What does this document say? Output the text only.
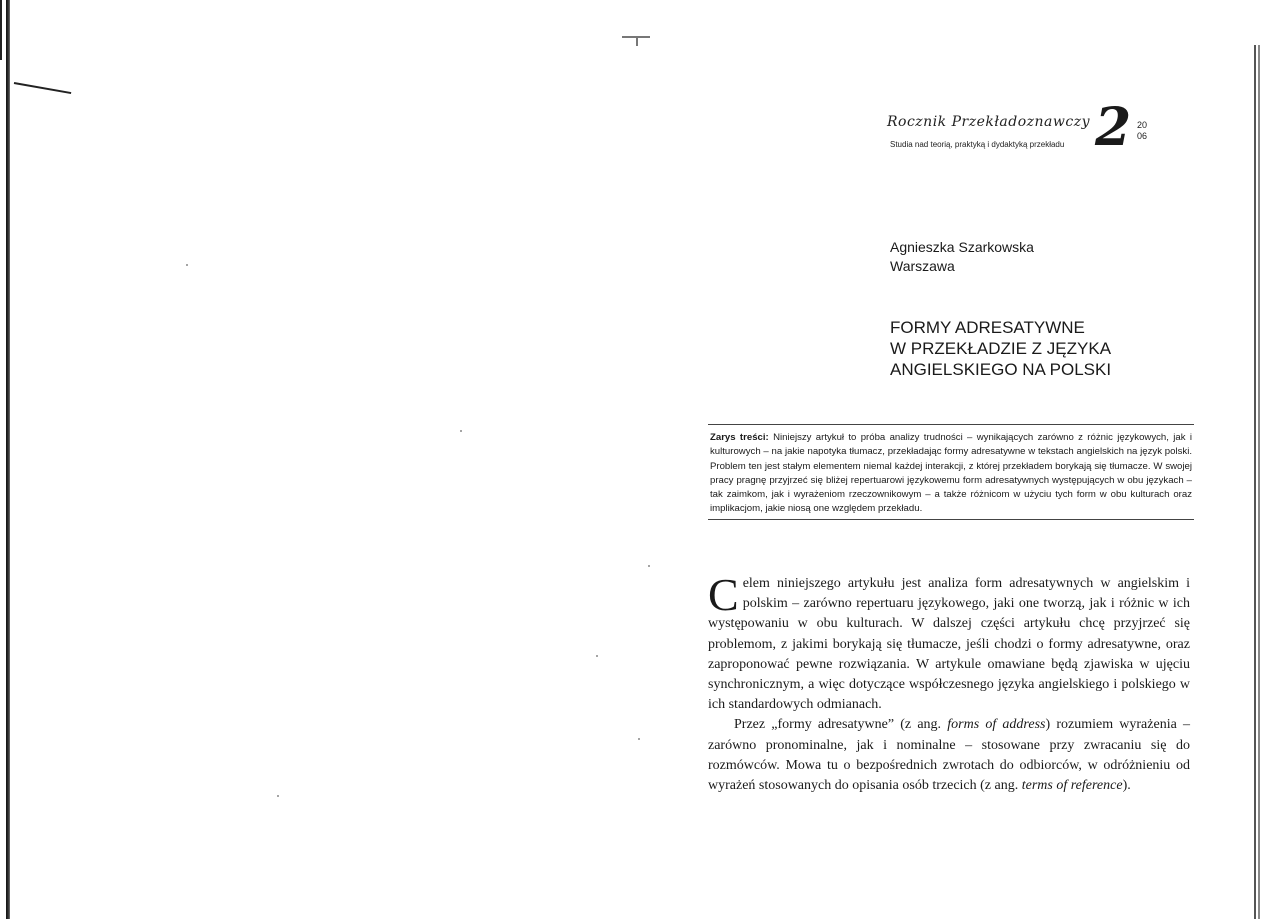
Rocznik Przekładoznawczy
Studia nad teorią, praktyką i dydaktyką przekładu 2 2006
Agnieszka Szarkowska
Warszawa
FORMY ADRESATYWNE
W PRZEKŁADZIE Z JĘZYKA
ANGIELSKIEGO NA POLSKI
Zarys treści: Niniejszy artykuł to próba analizy trudności – wynikających zarówno z różnic językowych, jak i kulturowych – na jakie napotyka tłumacz, przekładając formy adresatywne w tekstach angielskich na język polski. Problem ten jest stałym elementem niemal każdej interakcji, z której przekładem borykają się tłumacze. W swojej pracy pragnę przyjrzeć się bliżej repertuarowi językowemu form adresatywnych występujących w obu językach – tak zaimkom, jak i wyrażeniom rzeczownikowym – a także różnicom w użyciu tych form w obu kulturach oraz implikacjom, jakie niosą one względem przekładu.

Celem niniejszego artykułu jest analiza form adresatywnych w angielskim i polskim – zarówno repertuaru językowego, jaki one tworzą, jak i różnic w ich występowaniu w obu kulturach. W dalszej części artykułu chcę przyjrzeć się problemom, z jakimi borykają się tłumacze, jeśli chodzi o formy adresatywne, oraz zaproponować pewne rozwiązania. W artykule omawiane będą zjawiska w ujęciu synchronicznym, a więc dotyczące współczesnego języka angielskiego i polskiego w ich standardowych odmianach.

Przez „formy adresatywne” (z ang. forms of address) rozumiem wyrażenia – zarówno pronominalne, jak i nominalne – stosowane przy zwracaniu się do rozmówców. Mowa tu o bezpośrednich zwrotach do odbiorców, w odróżnieniu od wyrażeń stosowanych do opisania osób trzecich (z ang. terms of reference).
